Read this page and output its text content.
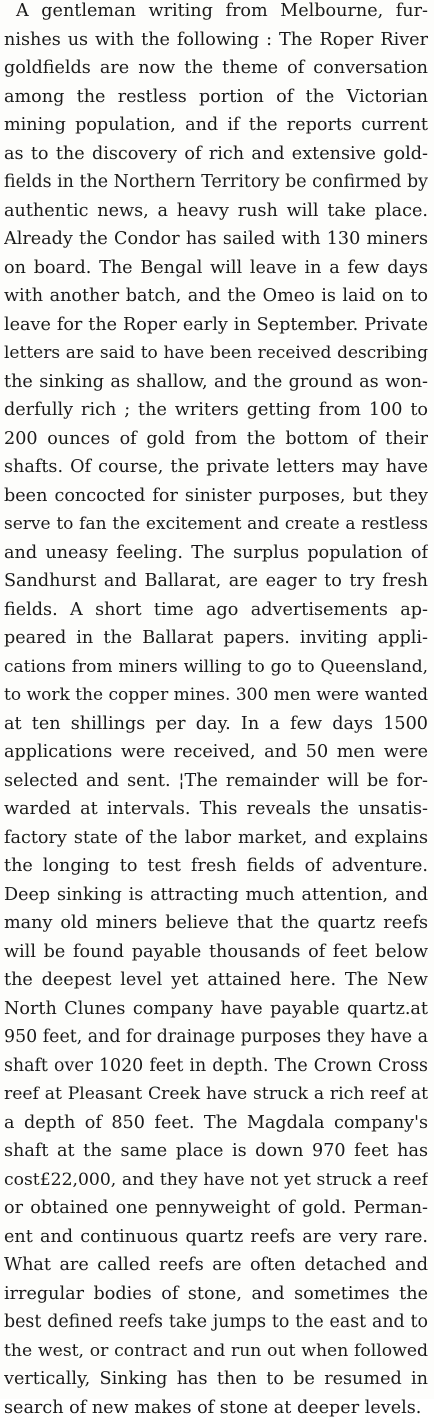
A gentleman writing from Melbourne, fur-
nishes us with the following : The Roper River
goldfields are now the theme of conversation
among the restless portion of the Victorian
mining population, and if the reports current
as to the discovery of rich and extensive gold-
fields in the Northern Territory be confirmed by
authentic news, a heavy rush will take place.
Already the Condor has sailed with 130 miners
on board. The Bengal will leave in a few days
with another batch, and the Omeo is laid on to
leave for the Roper early in September. Private
letters are said to have been received describing
the sinking as shallow, and the ground as won-
derfully rich ; the writers getting from 100 to
200 ounces of gold from the bottom of their
shafts. Of course, the private letters may have
been concocted for sinister purposes, but they
serve to fan the excitement and create a restless
and uneasy feeling. The surplus population of
Sandhurst and Ballarat, are eager to try fresh
fields. A short time ago advertisements ap-
peared in the Ballarat papers. inviting appli-
cations from miners willing to go to Queensland,
to work the copper mines. 300 men were wanted
at ten shillings per day. In a few days 1500
applications were received, and 50 men were
selected and sent. ¦The remainder will be for-
warded at intervals. This reveals the unsatis-
factory state of the labor market, and explains
the longing to test fresh fields of adventure.
Deep sinking is attracting much attention, and
many old miners believe that the quartz reefs
will be found payable thousands of feet below
the deepest level yet attained here. The New
North Clunes company have payable quartz.at
950 feet, and for drainage purposes they have a
shaft over 1020 feet in depth. The Crown Cross
reef at Pleasant Creek have struck a rich reef at
a depth of 850 feet. The Magdala company's
shaft at the same place is down 970 feet has
cost£22,000, and they have not yet struck a reef
or obtained one pennyweight of gold. Perman-
ent and continuous quartz reefs are very rare.
What are called reefs are often detached and
irregular bodies of stone, and sometimes the
best defined reefs take jumps to the east and to
the west, or contract and run out when followed
vertically, Sinking has then to be resumed in
search of new makes of stone at deeper levels.
